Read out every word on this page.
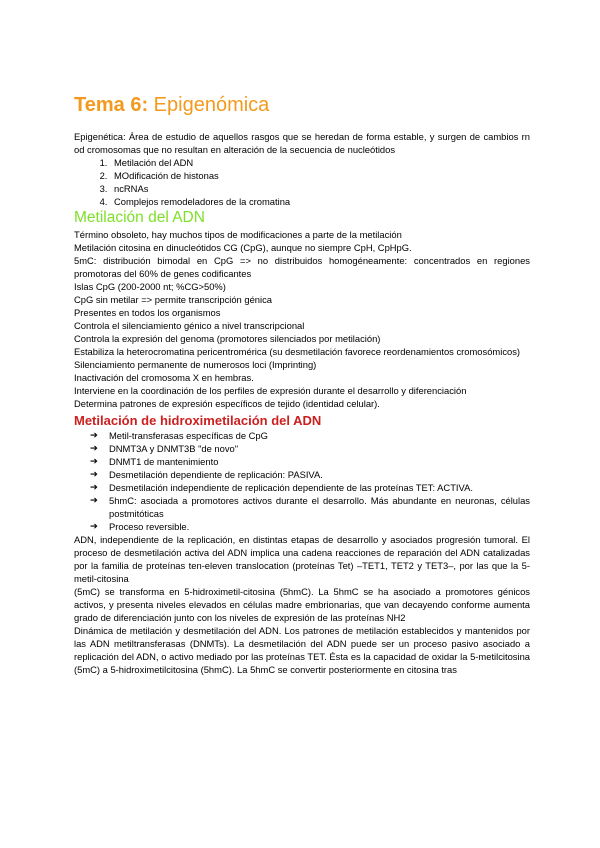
Tema 6: Epigenómica

Epigenética: Área de estudio de aquellos rasgos que se heredan de forma estable, y surgen de cambios rn od cromosomas que no resultan en alteración de la secuencia de nucleótidos

1. Metilación del ADN
2. MOdificación de histonas
3. ncRNAs
4. Complejos remodeladores de la cromatina
Metilación del ADN

Término obsoleto, hay muchos tipos de modificaciones a parte de la metilación

Metilación citosina en dinucleótidos CG (CpG), aunque no siempre CpH, CpHpG.

5mC: distribución bimodal en CpG => no distribuidos homogéneamente: concentrados en regiones promotoras del 60% de genes codificantes

Islas CpG (200-2000 nt; %CG>50%)

CpG sin metilar => permite transcripción génica

Presentes en todos los organismos

Controla el silenciamiento génico a nivel transcripcional

Controla la expresión del genoma (promotores silenciados por metilación)

Estabiliza la heterocromatina pericentromérica (su desmetilación favorece reordenamientos cromosómicos)

Silenciamiento permanente de numerosos loci (Imprinting)

Inactivación del cromosoma X en hembras.

Interviene en la coordinación de los perfiles de expresión durante el desarrollo y diferenciación

Determina patrones de expresión específicos de tejido (identidad celular).

Metilación de hidroximetilación del ADN
➔ Metil-transferasas específicas de CpG
➔ DNMT3A y DNMT3B "de novo"
➔ DNMT1 de mantenimiento
➔ Desmetilación dependiente de replicación: PASIVA.
➔ Desmetilación independiente de replicación dependiente de las proteínas TET: ACTIVA.
➔ 5hmC: asociada a promotores activos durante el desarrollo. Más abundante en neuronas, células postmitóticas
➔ Proceso reversible.

ADN, independiente de la replicación, en distintas etapas de desarrollo y asociados progresión tumoral. El proceso de desmetilación activa del ADN implica una cadena reacciones de reparación del ADN catalizadas por la familia de proteínas ten-eleven translocation (proteínas Tet) –TET1, TET2 y TET3–, por las que la 5-metil-citosina

(5mC) se transforma en 5-hidroximetil-citosina (5hmC). La 5hmC se ha asociado a promotores génicos activos, y presenta niveles elevados en células madre embrionarias, que van decayendo conforme aumenta grado de diferenciación junto con los niveles de expresión de las proteínas NH2

Dinámica de metilación y desmetilación del ADN. Los patrones de metilación establecidos y mantenidos por las ADN metiltransferasas (DNMTs). La desmetilación del ADN puede ser un proceso pasivo asociado a replicación del ADN, o activo mediado por las proteínas TET. Ésta es la capacidad de oxidar la 5-metilcitosina (5mC) a 5-hidroximetilcitosina (5hmC). La 5hmC se convertir posteriormente en citosina tras
